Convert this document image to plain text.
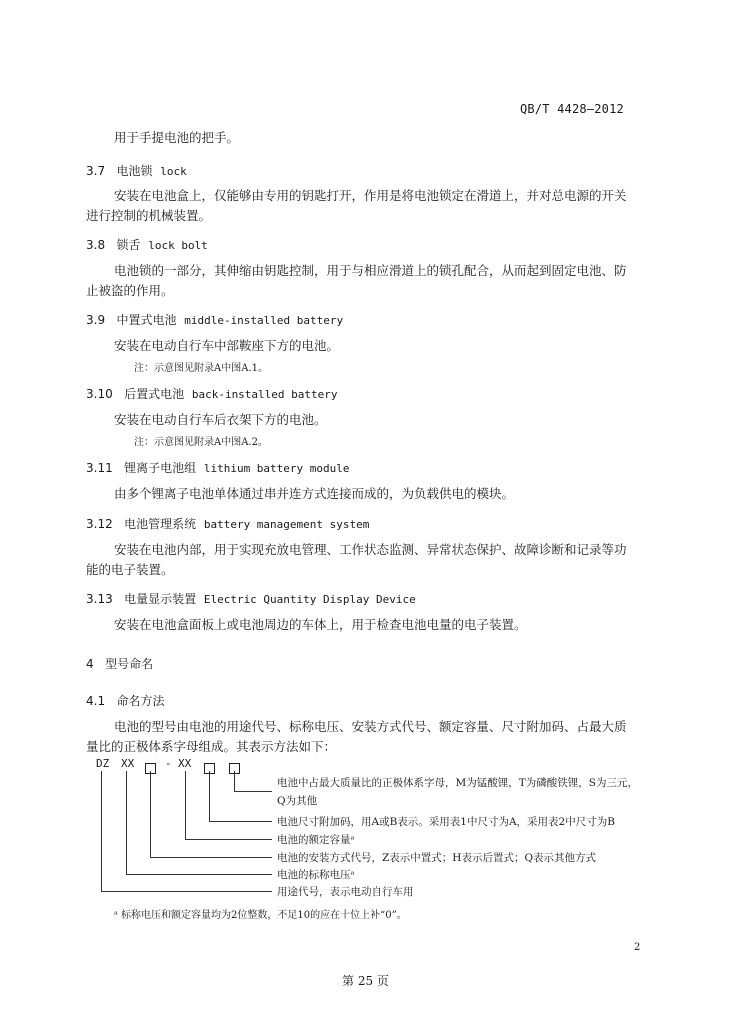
QB/T 4428—2012
用于手提电池的把手。
3.7 电池锁 lock
安装在电池盒上，仅能够由专用的钥匙打开，作用是将电池锁定在滑道上，并对总电源的开关进行控制的机械装置。
3.8 锁舌 lock bolt
电池锁的一部分，其伸缩由钥匙控制，用于与相应滑道上的锁孔配合，从而起到固定电池、防止被盗的作用。
3.9 中置式电池 middle-installed battery
安装在电动自行车中部鞍座下方的电池。
注：示意图见附录A中图A.1。
3.10 后置式电池 back-installed battery
安装在电动自行车后衣架下方的电池。
注：示意图见附录A中图A.2。
3.11 锂离子电池组 lithium battery module
由多个锂离子电池单体通过串并连方式连接而成的，为负载供电的模块。
3.12 电池管理系统 battery management system
安装在电池内部，用于实现充放电管理、工作状态监测、异常状态保护、故障诊断和记录等功能的电子装置。
3.13 电量显示装置 Electric Quantity Display Device
安装在电池盒面板上或电池周边的车体上，用于检查电池电量的电子装置。
4 型号命名
4.1 命名方法
电池的型号由电池的用途代号、标称电压、安装方式代号、额定容量、尺寸附加码、占最大质量比的正极体系字母组成。其表示方法如下：
DZ XX	- XX
电池中占最大质量比的正极体系字母，M为锰酸锂，T为磷酸铁锂，S为三元，
Q为其他
电池尺寸附加码，用A或B表示。采用表1中尺寸为A，采用表2中尺寸为B
电池的额定容量ᵃ
电池的安装方式代号，Z表示中置式；H表示后置式；Q表示其他方式
电池的标称电压ᵃ
用途代号，表示电动自行车用
ᵃ 标称电压和额定容量均为2位整数，不足10的应在十位上补“0”。
2
第 25 页
